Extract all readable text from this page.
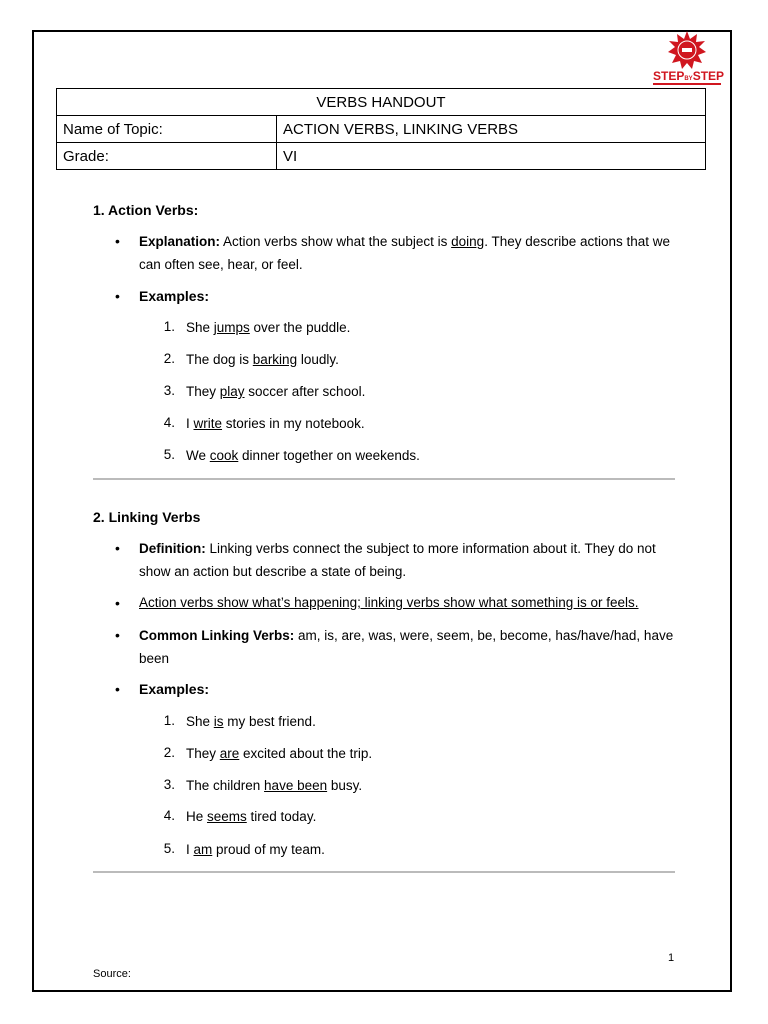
STEPBYSTEP
VERBS HANDOUT	
Name of Topic:	ACTION VERBS, LINKING VERBS
Grade:	VI
1. Action Verbs:
• Explanation: Action verbs show what the subject is doing. They describe actions that we can often see, hear, or feel.
• Examples:
1. She jumps over the puddle.
2. The dog is barking loudly.
3. They play soccer after school.
4. I write stories in my notebook.
5. We cook dinner together on weekends.
2. Linking Verbs
• Definition: Linking verbs connect the subject to more information about it. They do not show an action but describe a state of being.
• Action verbs show what’s happening; linking verbs show what something is or feels.
• Common Linking Verbs: am, is, are, was, were, seem, be, become, has/have/had, have been
• Examples:
1. She is my best friend.
2. They are excited about the trip.
3. The children have been busy.
4. He seems tired today.
5. I am proud of my team.
1
Source:
